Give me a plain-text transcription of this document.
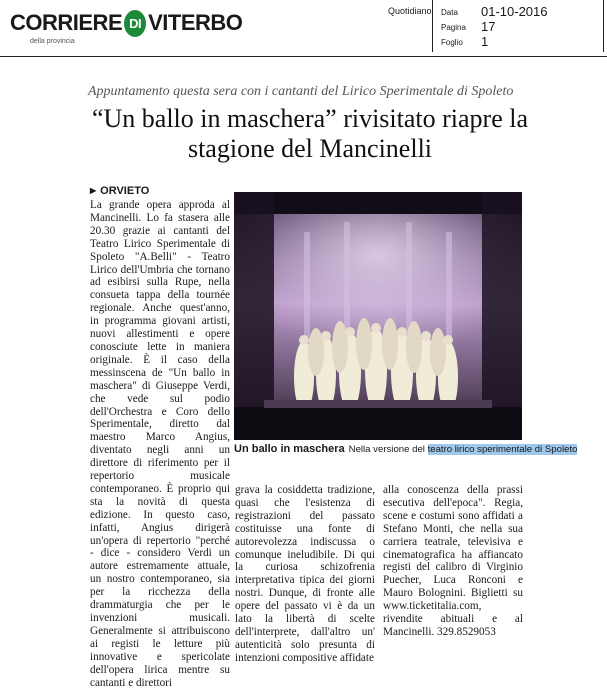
CORRIERE DI VITERBO
della provincia
Quotidiano Data 01-10-2016
Pagina 17
Foglio 1
Appuntamento questa sera con i cantanti del Lirico Sperimentale di Spoleto
“Un ballo in maschera” rivisitato riapre la stagione del Mancinelli
▶ ORVIETO
La grande opera approda al Mancinelli. Lo fa stasera alle 20.30 grazie ai cantanti del Teatro Lirico Sperimentale di Spoleto "A.Belli" - Teatro Lirico dell'Umbria che tornano ad esibirsi sulla Rupe, nella consueta tappa della tournée regionale. Anche quest'anno, in programma giovani artisti, nuovi allestimenti e opere conosciute lette in maniera originale. È il caso della messinscena de "Un ballo in maschera" di Giuseppe Verdi, che vede sul podio dell'Orchestra e Coro dello Sperimentale, diretto dal maestro Marco Angius, diventato negli anni un direttore di riferimento per il repertorio musicale contemporaneo. È proprio qui sta la novità di questa edizione. In questo caso, infatti, Angius dirigerà un'opera di repertorio "perché - dice - considero Verdi un autore estremamente attuale, un nostro contemporaneo, sia per la ricchezza della drammaturgia che per le invenzioni musicali. Generalmente si attribuiscono ai registi le letture più innovative e spericolate dell'opera lirica mentre su cantanti e direttori
Un ballo in maschera Nella versione del teatro lirico sperimentale di Spoleto
grava la cosiddetta tradizione, quasi che l'esistenza di registrazioni del passato costituisse una fonte di autorevolezza indiscussa o comunque ineludibile. Di qui la curiosa schizofrenia interpretativa tipica dei giorni nostri. Dunque, di fronte alle opere del passato vi è da un lato la libertà di scelte dell'interprete, dall'altro un' autenticità solo presunta di intenzioni compositive affidate
alla conoscenza della prassi esecutiva dell'epoca". Regia, scene e costumi sono affidati a Stefano Monti, che nella sua carriera teatrale, televisiva e cinematografica ha affiancato registi del calibro di Virginio Puecher, Luca Ronconi e Mauro Bolognini. Biglietti su www.ticketitalia.com, rivendite abituali e al Mancinelli. 329.8529053
